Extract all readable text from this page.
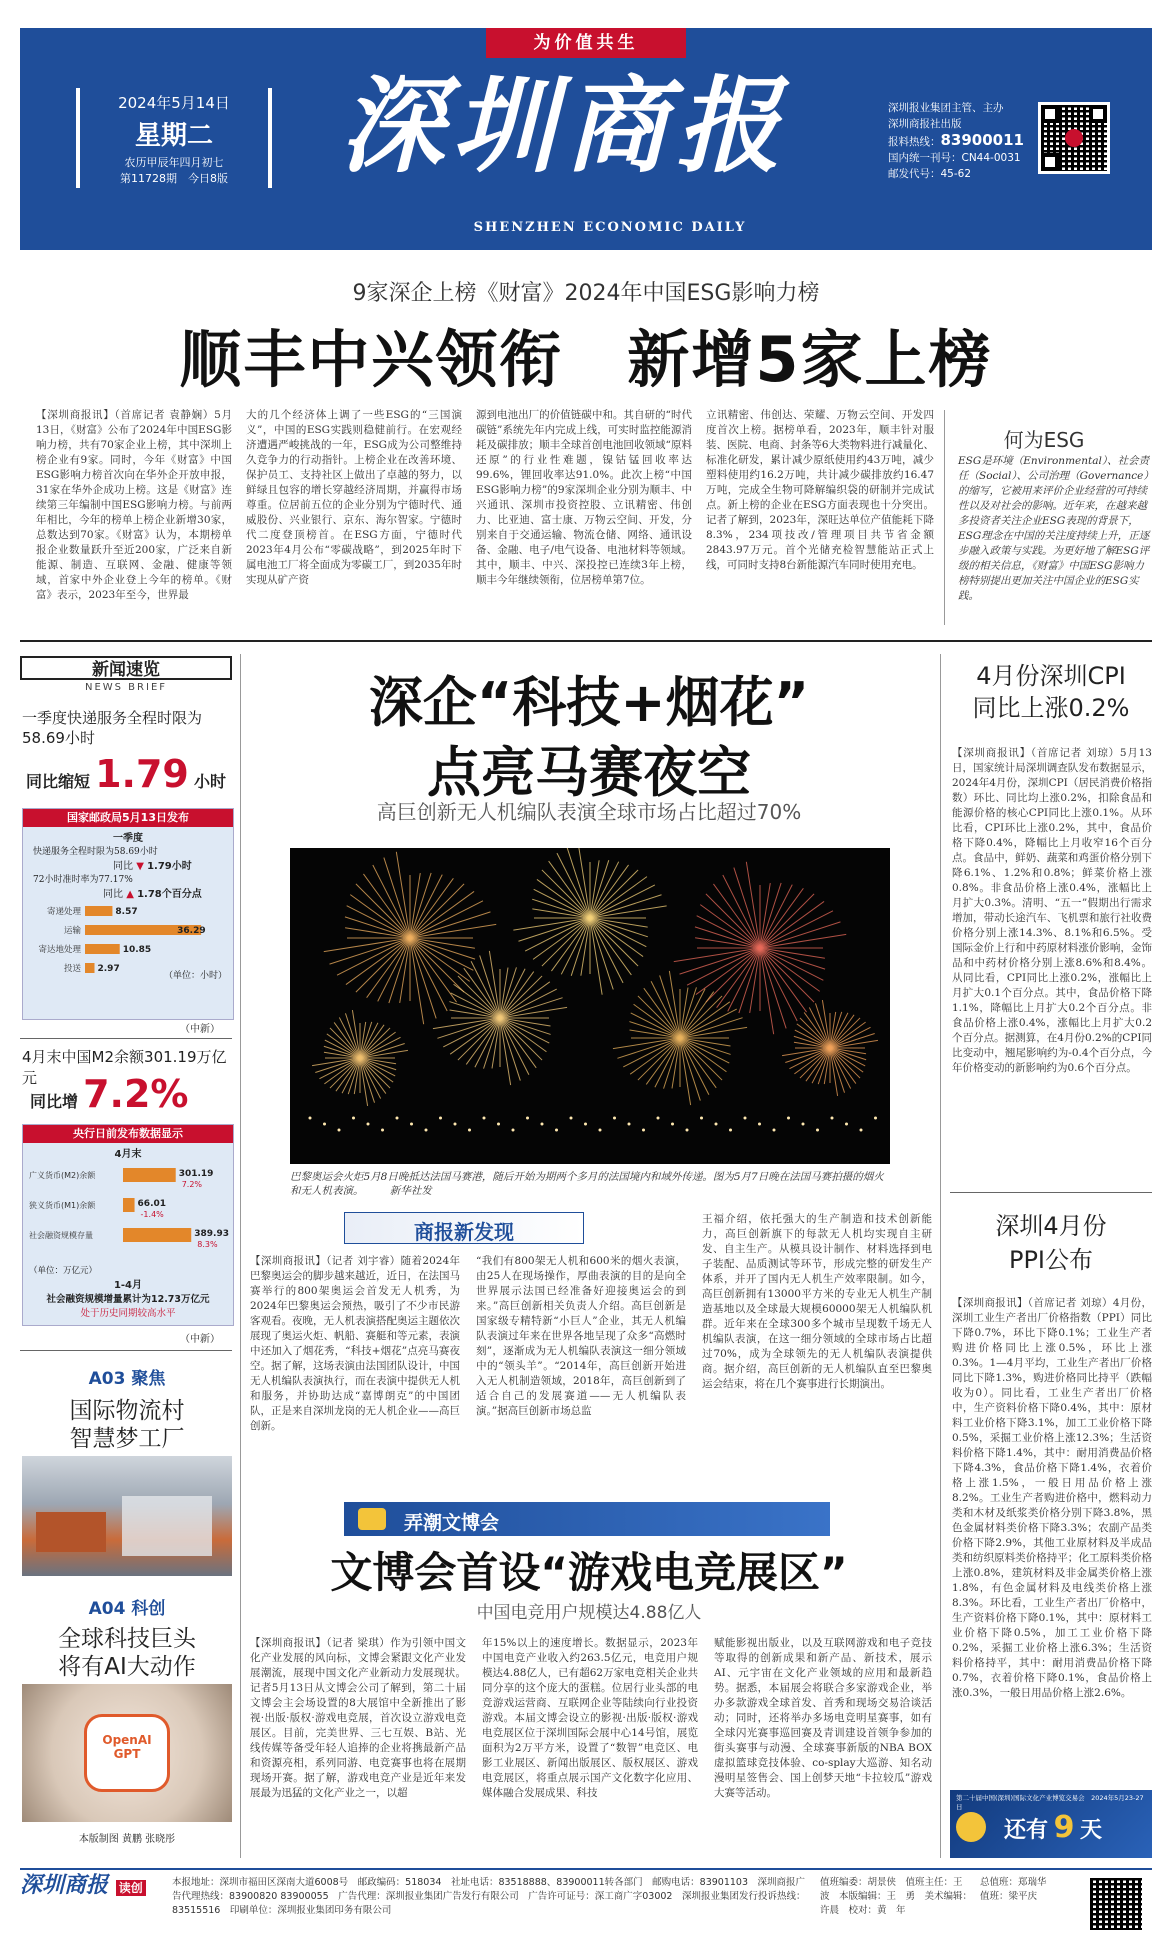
为价值共生
2024年5月14日
星期二
农历甲辰年四月初七
第11728期　今日8版 深圳商报
SHENZHEN ECONOMIC DAILY
深圳报业集团主管、主办
深圳商报社出版
报料热线：83900011
国内统一刊号：CN44-0031
邮发代号：45-62
9家深企上榜《财富》2024年中国ESG影响力榜
顺丰中兴领衔　新增5家上榜
【深圳商报讯】（首席记者 袁静娴）5月13日，《财富》公布了2024年中国ESG影响力榜，共有70家企业上榜，其中深圳上榜企业有9家。同时，今年《财富》中国ESG影响力榜首次向在华外企开放申报，31家在华外企成功上榜。这是《财富》连续第三年编制中国ESG影响力榜。与前两年相比，今年的榜单上榜企业新增30家，总数达到70家。《财富》认为，本期榜单报企业数量跃升至近200家，广泛来自新能源、制造、互联网、金融、健康等领域，首家中外企业登上今年的榜单。《财富》表示，2023年至今，世界最
大的几个经济体上调了一些ESG的“三国演义”，中国的ESG实践则稳健前行。在宏观经济遭遇严峻挑战的一年，ESG成为公司整维持久竞争力的行动指针。上榜企业在改善环境、保护员工、支持社区上做出了卓越的努力，以鲜绿且包容的增长穿越经济周期，并赢得市场尊重。位居前五位的企业分别为宁德时代、通威股份、兴业银行、京东、海尔智家。宁德时代二度登顶榜首。在ESG方面，宁德时代2023年4月公布“零碳战略”，到2025年时下属电池工厂将全面成为零碳工厂，到2035年时实现从矿产资
源到电池出厂的价值链碳中和。其自研的“时代碳链”系统先年内完成上线，可实时监控能源消耗及碳排放；顺丰全球首创电池回收领域“原料还原”的行业性难题，镍钴锰回收率达99.6%，锂回收率达91.0%。此次上榜“中国ESG影响力榜”的9家深圳企业分别为顺丰、中兴通讯、深圳市投资控股、立讯精密、伟创力、比亚迪、富士康、万物云空间、开发，分别来自于交通运输、物流仓储、网络、通讯设备、金融、电子/电气设备、电池材料等领域。其中，顺丰、中兴、深投控已连续3年上榜，顺丰今年继续领衔，位居榜单第7位。
立讯精密、伟创达、荣耀、万物云空间、开发四度首次上榜。据榜单看，2023年，顺丰针对服装、医院、电商、封条等6大类物料进行减量化、标准化研发，累计减少原纸使用约43万吨，减少塑料使用约16.2万吨，共计减少碳排放约16.47万吨，完成全生物可降解编织袋的研制并完成试点。新上榜的企业在ESG方面表现也十分突出。记者了解到，2023年，深旺达单位产值能耗下降8.3%，234项技改/管理项目共节省金额2843.97万元。首个光储充检智慧能站正式上线，可同时支持8台新能源汽车同时使用充电。
何为ESG
ESG是环境（Environmental）、社会责任（Social）、公司治理（Governance）的缩写，它被用来评价企业经营的可持续性以及对社会的影响。近年来，在越来越多投资者关注企业ESG表现的背景下，ESG理念在中国的关注度持续上升，正逐步融入政策与实践。为更好地了解ESG评级的相关信息，《财富》中国ESG影响力榜特别提出更加关注中国企业的ESG实践。
新闻速览
NEWS BRIEF
一季度快递服务全程时限为58.69小时
同比缩短 1.79 小时
国家邮政局5月13日发布
一季度
快递服务全程时限为58.69小时
同比 ▼ 1.79小时
72小时准时率为77.17%
同比 ▲ 1.78个百分点
寄递处理	8.57
运输	36.29
寄达地处理	10.85
投送 2.97
（单位：小时）
（中新）
4月末中国M2余额301.19万亿元
同比增 7.2%
央行日前发布数据显示
4月末
广义货币(M2)余额	301.19
7.2%
狭义货币(M1)余额	66.01
-1.4%
社会融资规模存量	389.93
8.3%
（单位：万亿元）
1-4月
社会融资规模增量累计为12.73万亿元
处于历史同期较高水平
（中新）
A03 聚焦
国际物流村
智慧梦工厂
A04 科创
全球科技巨头
将有AI大动作
OpenAI GPT
本版制图 黄鹏 张晓彤
深企“科技+烟花”
点亮马赛夜空
高巨创新无人机编队表演全球市场占比超过70%
巴黎奥运会火炬5月8日晚抵达法国马赛港，随后开始为期两个多月的法国境内和域外传递。图为5月7日晚在法国马赛拍摄的烟火和无人机表演。　　　新华社发
商报新发现
【深圳商报讯】（记者 刘宇睿）随着2024年巴黎奥运会的脚步越来越近，近日，在法国马赛举行的800架奥运会首发无人机秀，为2024年巴黎奥运会预热，吸引了不少市民游客观看。夜晚，无人机表演搭配奥运主题依次展现了奥运火炬、帆船、赛艇和等元素，表演中还加入了烟花秀，“科技+烟花”点亮马赛夜空。据了解，这场表演由法国团队设计，中国无人机编队表演执行，而在表演中提供无人机和服务，并协助达成“嘉博朗克”的中国团队，正是来自深圳龙岗的无人机企业——高巨创新。
“我们有800架无人机和600米的烟火表演，由25人在现场操作，厚曲表演的目的是向全世界展示法国已经准备好迎接奥运会的到来。”高巨创新相关负责人介绍。高巨创新是国家级专精特新“小巨人”企业，其无人机编队表演过年来在世界各地呈现了众多“高燃时刻”，逐渐成为无人机编队表演这一细分领域中的“领头羊”。“2014年，高巨创新开始进入无人机制造领域，2018年，高巨创新到了适合自己的发展赛道——无人机编队表演。”据高巨创新市场总监
王福介绍，依托强大的生产制造和技术创新能力，高巨创新旗下的每款无人机均实现自主研发、自主生产。从模具设计制作、材料选择到电子装配、品质测试等环节，形成完整的研发生产体系，并开了国内无人机生产效率限制。如今，高巨创新拥有13000平方米的专业无人机生产制造基地以及全球最大规模60000架无人机编队机群。近年来在全球300多个城市呈现数千场无人机编队表演，在这一细分领域的全球市场占比超过70%，成为全球领先的无人机编队表演提供商。据介绍，高巨创新的无人机编队直至巴黎奥运会结束，将在几个赛事进行长期演出。
弄潮文博会
文博会首设“游戏电竞展区”
中国电竞用户规模达4.88亿人
【深圳商报讯】（记者 梁琪）作为引领中国文化产业发展的风向标，文博会紧跟文化产业发展潮流，展现中国文化产业新动力发展现状。记者5月13日从文博会公司了解到，第二十届文博会主会场设置的8大展馆中全新推出了影视·出版·版权·游戏电竞展，首次设立游戏电竞展区。目前，完美世界、三七互娱、B站、光线传媒等备受年轻人追捧的企业将携最新产品和资源亮相，系列同游、电竞赛事也将在展期现场开赛。据了解，游戏电竞产业是近年来发展最为迅猛的文化产业之一，以超
年15%以上的速度增长。数据显示，2023年中国电竞产业收入约263.5亿元，电竞用户规模达4.88亿人，已有超62万家电竞相关企业共同分享的这个庞大的蛋糕。位居行业头部的电竞游戏运营商、互联网企业等陆续向行业投资游戏。本届文博会设立的影视·出版·版权·游戏电竞展区位于深圳国际会展中心14号馆，展览面积为2万平方米，设置了“数智”电竞区、电影工业展区、新闻出版展区、版权展区、游戏电竞展区，将重点展示国产文化数字化应用、媒体融合发展成果、科技
赋能影视出版业，以及互联网游戏和电子竞技等取得的创新成果和新产品、新技术，展示AI、元宇宙在文化产业领域的应用和最新趋势。据悉，本届展会将联合多家游戏企业，举办多款游戏全球首发、首秀和现场交易洽谈活动；同时，还将举办多场电竞明星赛事，如有全球闪光赛事巡回赛及青训建设首领争参加的街头赛事与动漫、全球赛事新版的NBA BOX虚拟篮球竞技体验、co-splay大巡游、知名动漫明星签售会、国上创梦天地“卡拉较瓜”游戏大赛等活动。
4月份深圳CPI
同比上涨0.2%
【深圳商报讯】（首席记者 刘琼）5月13日，国家统计局深圳调查队发布数据显示，2024年4月份，深圳CPI（居民消费价格指数）环比、同比均上涨0.2%，扣除食品和能源价格的核心CPI同比上涨0.1%。从环比看，CPI环比上涨0.2%，其中，食品价格下降0.4%，降幅比上月收窄16个百分点。食品中，鲜奶、蔬菜和鸡蛋价格分别下降6.1%、1.2%和0.8%；鲜菜价格上涨0.8%。非食品价格上涨0.4%，涨幅比上月扩大0.3%。清明、“五一”假期出行需求增加，带动长途汽车、飞机票和旅行社收费价格分别上涨14.3%、8.1%和6.5%。受国际金价上行和中药原材料涨价影响，金饰品和中药材价格分别上涨8.6%和8.4%。从同比看，CPI同比上涨0.2%，涨幅比上月扩大0.1个百分点。其中，食品价格下降1.1%，降幅比上月扩大0.2个百分点。非食品价格上涨0.4%，涨幅比上月扩大0.2个百分点。据测算，在4月份0.2%的CPI同比变动中，翘尾影响约为-0.4个百分点，今年价格变动的新影响约为0.6个百分点。
深圳4月份
PPI公布
【深圳商报讯】（首席记者 刘琼）4月份，深圳工业生产者出厂价格指数（PPI）同比下降0.7%，环比下降0.1%；工业生产者购进价格同比上涨0.5%，环比上涨0.3%。1—4月平均，工业生产者出厂价格同比下降1.3%，购进价格同比持平（跌幅收为0）。同比看，工业生产者出厂价格中，生产资料价格下降0.4%，其中：原材料工业价格下降3.1%，加工工业价格下降0.5%，采掘工业价格上涨12.3%；生活资料价格下降1.4%，其中：耐用消费品价格下降4.3%，食品价格下降1.4%，衣着价格上涨1.5%，一般日用品价格上涨8.2%。工业生产者购进价格中，燃料动力类和木材及纸浆类价格分别下降3.8%，黑色金属材料类价格下降3.3%；农副产品类价格下降2.9%，其他工业原材料及半成品类和纺织原料类价格持平；化工原料类价格上涨0.8%，建筑材料及非金属类价格上涨1.8%，有色金属材料及电线类价格上涨8.3%。环比看，工业生产者出厂价格中，生产资料价格下降0.1%，其中：原材料工业价格下降0.5%，加工工业价格下降0.2%，采掘工业价格上涨6.3%；生活资料价格持平，其中：耐用消费品价格下降0.7%，衣着价格下降0.1%，食品价格上涨0.3%，一般日用品价格上涨2.6%。
第二十届中国(深圳)国际文化产业博览交易会　2024年5月23-27日
还有 9 天
深圳商报 读创	本报地址：深圳市福田区深南大道6008号　邮政编码：518034　社址电话：83518888、83900011转各部门　邮购电话：83901103　深圳商报广告代理热线：83900820 83900055　广告代理：深圳报业集团广告发行有限公司　广告许可证号：深工商广字03002　深圳报业集团发行投诉热线：83515516　印刷单位：深圳报业集团印务有限公司
值班编委：胡景侠　值班主任：王　波　本版编辑：王　勇　美术编辑：许晨　校对：黄　年
总值班：郑瑞华　值班：梁平庆
